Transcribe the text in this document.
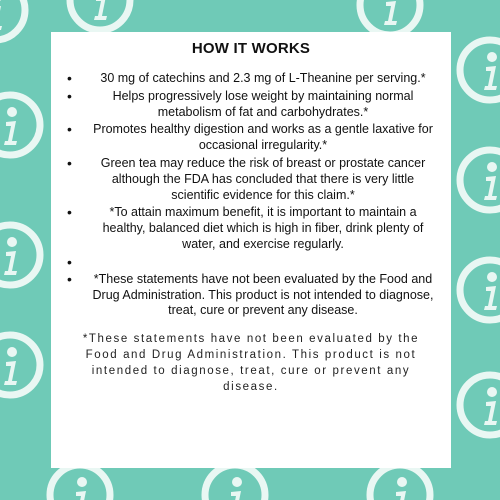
HOW IT WORKS
• 30 mg of catechins and 2.3 mg of L-Theanine per serving.*
• Helps progressively lose weight by maintaining normal metabolism of fat and carbohydrates.*
• Promotes healthy digestion and works as a gentle laxative for occasional irregularity.*
• Green tea may reduce the risk of breast or prostate cancer although the FDA has concluded that there is very little scientific evidence for this claim.*
• *To attain maximum benefit, it is important to maintain a healthy, balanced diet which is high in fiber, drink plenty of water, and exercise regularly.
•
• *These statements have not been evaluated by the Food and Drug Administration. This product is not intended to diagnose, treat, cure or prevent any disease.
*These statements have not been evaluated by the Food and Drug Administration. This product is not intended to diagnose, treat, cure or prevent any disease.
